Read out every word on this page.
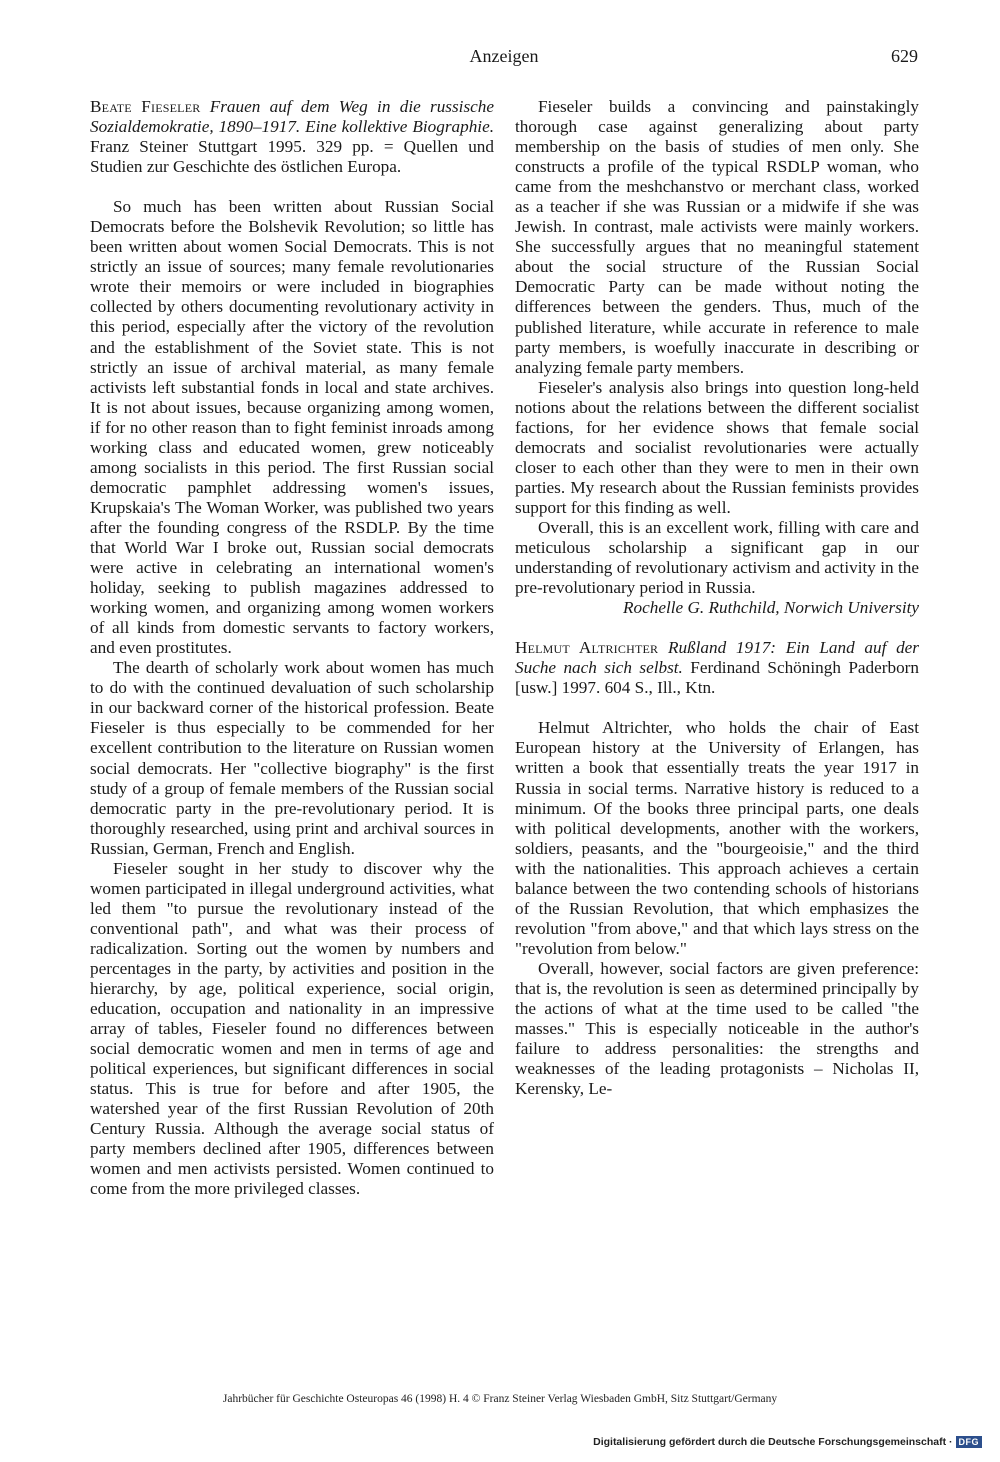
Anzeigen	629

Beate Fieseler Frauen auf dem Weg in die russische Sozialdemokratie, 1890–1917. Eine kollektive Biographie. Franz Steiner Stuttgart 1995. 329 pp. = Quellen und Studien zur Geschichte des östlichen Europa.

So much has been written about Russian Social Democrats before the Bolshevik Revolution; so little has been written about women Social Democrats. This is not strictly an issue of sources; many female revolutionaries wrote their memoirs or were included in biographies collected by others documenting revolutionary activity in this period, especially after the victory of the revolution and the establishment of the Soviet state. This is not strictly an issue of archival material, as many female activists left substantial fonds in local and state archives. It is not about issues, because organizing among women, if for no other reason than to fight feminist inroads among working class and educated women, grew noticeably among socialists in this period. The first Russian social democratic pamphlet addressing women's issues, Krupskaia's The Woman Worker, was published two years after the founding congress of the RSDLP. By the time that World War I broke out, Russian social democrats were active in celebrating an international women's holiday, seeking to publish magazines addressed to working women, and organizing among women workers of all kinds from domestic servants to factory workers, and even prostitutes.

The dearth of scholarly work about women has much to do with the continued devaluation of such scholarship in our backward corner of the historical profession. Beate Fieseler is thus especially to be commended for her excellent contribution to the literature on Russian women social democrats. Her "collective biography" is the first study of a group of female members of the Russian social democratic party in the pre-revolutionary period. It is thoroughly researched, using print and archival sources in Russian, German, French and English.

Fieseler sought in her study to discover why the women participated in illegal underground activities, what led them "to pursue the revolutionary instead of the conventional path", and what was their process of radicalization. Sorting out the women by numbers and percentages in the party, by activities and position in the hierarchy, by age, political experience, social origin, education, occupation and nationality in an impressive array of tables, Fieseler found no differences between social democratic women and men in terms of age and political experiences, but significant differences in social status. This is true for before and after 1905, the watershed year of the first Russian Revolution of 20th Century Russia. Although the average social status of party members declined after 1905, differences between women and men activists persisted. Women continued to come from the more privileged classes.

Fieseler builds a convincing and painstakingly thorough case against generalizing about party membership on the basis of studies of men only. She constructs a profile of the typical RSDLP woman, who came from the meshchanstvo or merchant class, worked as a teacher if she was Russian or a midwife if she was Jewish. In contrast, male activists were mainly workers. She successfully argues that no meaningful statement about the social structure of the Russian Social Democratic Party can be made without noting the differences between the genders. Thus, much of the published literature, while accurate in reference to male party members, is woefully inaccurate in describing or analyzing female party members.

Fieseler's analysis also brings into question long-held notions about the relations between the different socialist factions, for her evidence shows that female social democrats and socialist revolutionaries were actually closer to each other than they were to men in their own parties. My research about the Russian feminists provides support for this finding as well.

Overall, this is an excellent work, filling with care and meticulous scholarship a significant gap in our understanding of revolutionary activism and activity in the pre-revolutionary period in Russia.

Rochelle G. Ruthchild, Norwich University

Helmut Altrichter Rußland 1917: Ein Land auf der Suche nach sich selbst. Ferdinand Schöningh Paderborn [usw.] 1997. 604 S., Ill., Ktn.

Helmut Altrichter, who holds the chair of East European history at the University of Erlangen, has written a book that essentially treats the year 1917 in Russia in social terms. Narrative history is reduced to a minimum. Of the books three principal parts, one deals with political developments, another with the workers, soldiers, peasants, and the "bourgeoisie," and the third with the nationalities. This approach achieves a certain balance between the two contending schools of historians of the Russian Revolution, that which emphasizes the revolution "from above," and that which lays stress on the "revolution from below."

Overall, however, social factors are given preference: that is, the revolution is seen as determined principally by the actions of what at the time used to be called "the masses." This is especially noticeable in the author's failure to address personalities: the strengths and weaknesses of the leading protagonists – Nicholas II, Kerensky, Le-

Jahrbücher für Geschichte Osteuropas 46 (1998) H. 4 © Franz Steiner Verlag Wiesbaden GmbH, Sitz Stuttgart/Germany
Digitalisierung gefördert durch die Deutsche Forschungsgemeinschaft · DFG
